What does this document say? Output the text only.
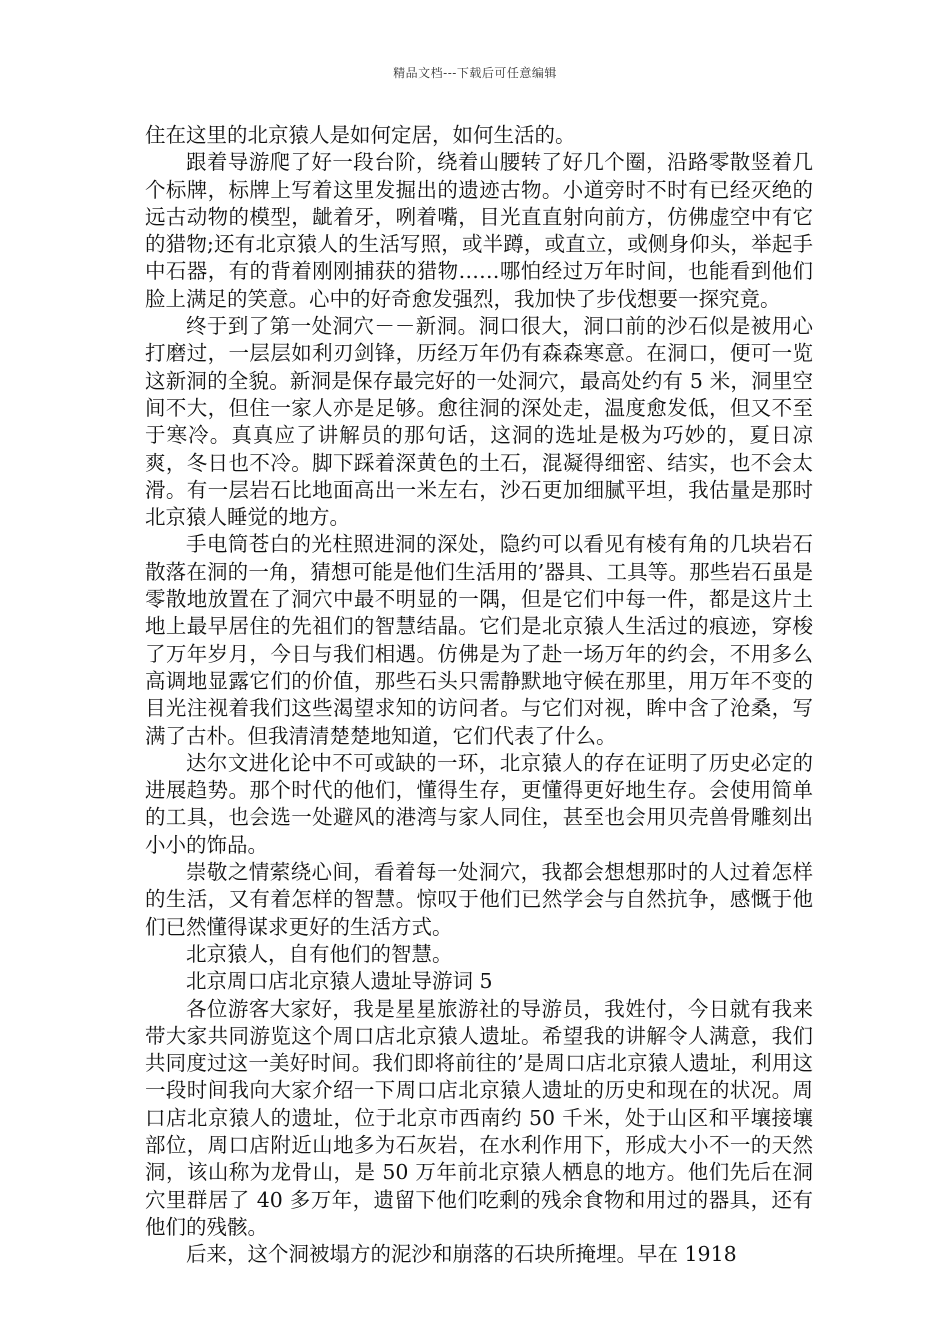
精品文档---下载后可任意编辑

住在这里的北京猿人是如何定居，如何生活的。

跟着导游爬了好一段台阶，绕着山腰转了好几个圈，沿路零散竖着几个标牌，标牌上写着这里发掘出的遗迹古物。小道旁时不时有已经灭绝的远古动物的模型，龇着牙，咧着嘴，目光直直射向前方，仿佛虚空中有它的猎物;还有北京猿人的生活写照，或半蹲，或直立，或侧身仰头，举起手中石器，有的背着刚刚捕获的猎物……哪怕经过万年时间，也能看到他们脸上满足的笑意。心中的好奇愈发强烈，我加快了步伐想要一探究竟。

终于到了第一处洞穴－－新洞。洞口很大，洞口前的沙石似是被用心打磨过，一层层如利刃剑锋，历经万年仍有森森寒意。在洞口，便可一览这新洞的全貌。新洞是保存最完好的一处洞穴，最高处约有 5 米，洞里空间不大，但住一家人亦是足够。愈往洞的深处走，温度愈发低，但又不至于寒冷。真真应了讲解员的那句话，这洞的选址是极为巧妙的，夏日凉爽，冬日也不冷。脚下踩着深黄色的土石，混凝得细密、结实，也不会太滑。有一层岩石比地面高出一米左右，沙石更加细腻平坦，我估量是那时北京猿人睡觉的地方。

手电筒苍白的光柱照进洞的深处，隐约可以看见有棱有角的几块岩石散落在洞的一角，猜想可能是他们生活用的’器具、工具等。那些岩石虽是零散地放置在了洞穴中最不明显的一隅，但是它们中每一件，都是这片土地上最早居住的先祖们的智慧结晶。它们是北京猿人生活过的痕迹，穿梭了万年岁月，今日与我们相遇。仿佛是为了赴一场万年的约会，不用多么高调地显露它们的价值，那些石头只需静默地守候在那里，用万年不变的目光注视着我们这些渴望求知的访问者。与它们对视，眸中含了沧桑，写满了古朴。但我清清楚楚地知道，它们代表了什么。

达尔文进化论中不可或缺的一环，北京猿人的存在证明了历史必定的进展趋势。那个时代的他们，懂得生存，更懂得更好地生存。会使用简单的工具，也会选一处避风的港湾与家人同住，甚至也会用贝壳兽骨雕刻出小小的饰品。

崇敬之情萦绕心间，看着每一处洞穴，我都会想想那时的人过着怎样的生活，又有着怎样的智慧。惊叹于他们已然学会与自然抗争，感慨于他们已然懂得谋求更好的生活方式。

北京猿人，自有他们的智慧。

北京周口店北京猿人遗址导游词 5

各位游客大家好，我是星星旅游社的导游员，我姓付，今日就有我来带大家共同游览这个周口店北京猿人遗址。希望我的讲解令人满意，我们共同度过这一美好时间。我们即将前往的’是周口店北京猿人遗址，利用这一段时间我向大家介绍一下周口店北京猿人遗址的历史和现在的状况。周口店北京猿人的遗址，位于北京市西南约 50 千米，处于山区和平壤接壤部位，周口店附近山地多为石灰岩，在水利作用下，形成大小不一的天然洞，该山称为龙骨山，是 50 万年前北京猿人栖息的地方。他们先后在洞穴里群居了 40 多万年，遗留下他们吃剩的残余食物和用过的器具，还有他们的残骸。

后来，这个洞被塌方的泥沙和崩落的石块所掩埋。早在 1918
